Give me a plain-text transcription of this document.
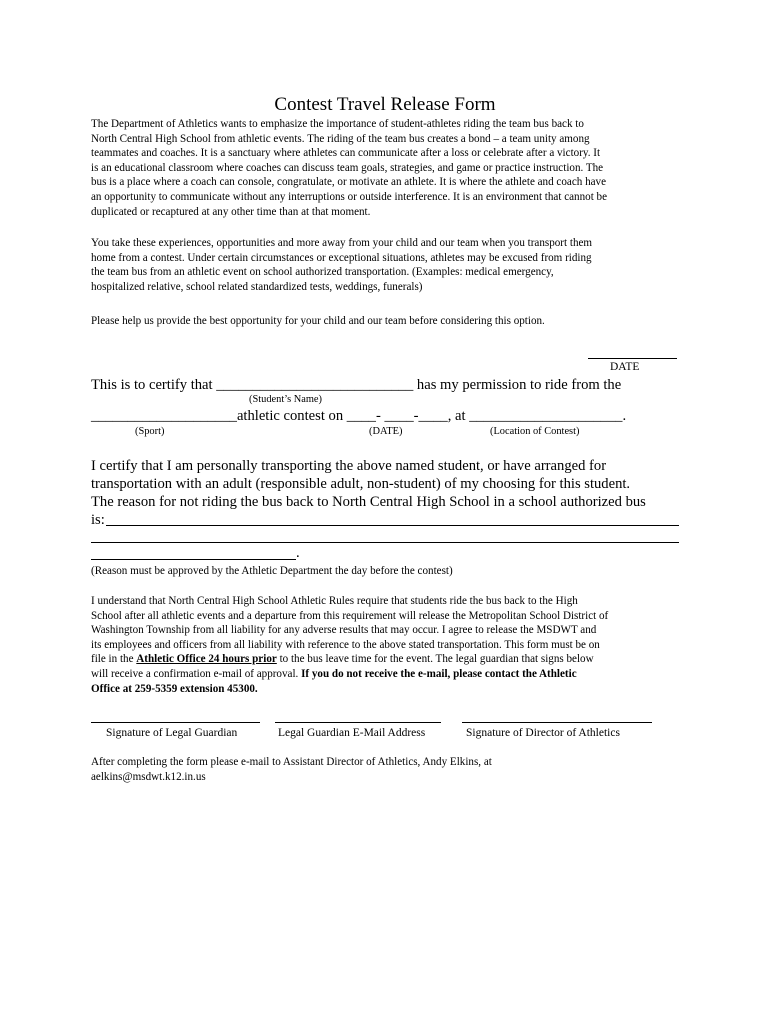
Contest Travel Release Form
The Department of Athletics wants to emphasize the importance of student-athletes riding the team bus back to
North Central High School from athletic events. The riding of the team bus creates a bond – a team unity among
teammates and coaches. It is a sanctuary where athletes can communicate after a loss or celebrate after a victory. It
is an educational classroom where coaches can discuss team goals, strategies, and game or practice instruction. The
bus is a place where a coach can console, congratulate, or motivate an athlete. It is where the athlete and coach have
an opportunity to communicate without any interruptions or outside interference. It is an environment that cannot be
duplicated or recaptured at any other time than at that moment.
You take these experiences, opportunities and more away from your child and our team when you transport them
home from a contest. Under certain circumstances or exceptional situations, athletes may be excused from riding
the team bus from an athletic event on school authorized transportation. (Examples: medical emergency,
hospitalized relative, school related standardized tests, weddings, funerals)
Please help us provide the best opportunity for your child and our team before considering this option.
DATE
This is to certify that ___________________________ has my permission to ride from the
(Student’s Name)
____________________athletic contest on ____- ____-____, at _____________________.
(Sport)	(DATE)	(Location of Contest)
I certify that I am personally transporting the above named student, or have arranged for
transportation with an adult (responsible adult, non-student) of my choosing for this student.
The reason for not riding the bus back to North Central High School in a school authorized bus
is:
.
(Reason must be approved by the Athletic Department the day before the contest)
I understand that North Central High School Athletic Rules require that students ride the bus back to the High
School after all athletic events and a departure from this requirement will release the Metropolitan School District of
Washington Township from all liability for any adverse results that may occur. I agree to release the MSDWT and
its employees and officers from all liability with reference to the above stated transportation. This form must be on
file in the Athletic Office 24 hours prior to the bus leave time for the event. The legal guardian that signs below
will receive a confirmation e-mail of approval. If you do not receive the e-mail, please contact the Athletic
Office at 259-5359 extension 45300.
Signature of Legal Guardian	Legal Guardian E-Mail Address	Signature of Director of Athletics
After completing the form please e-mail to Assistant Director of Athletics, Andy Elkins, at
aelkins@msdwt.k12.in.us
